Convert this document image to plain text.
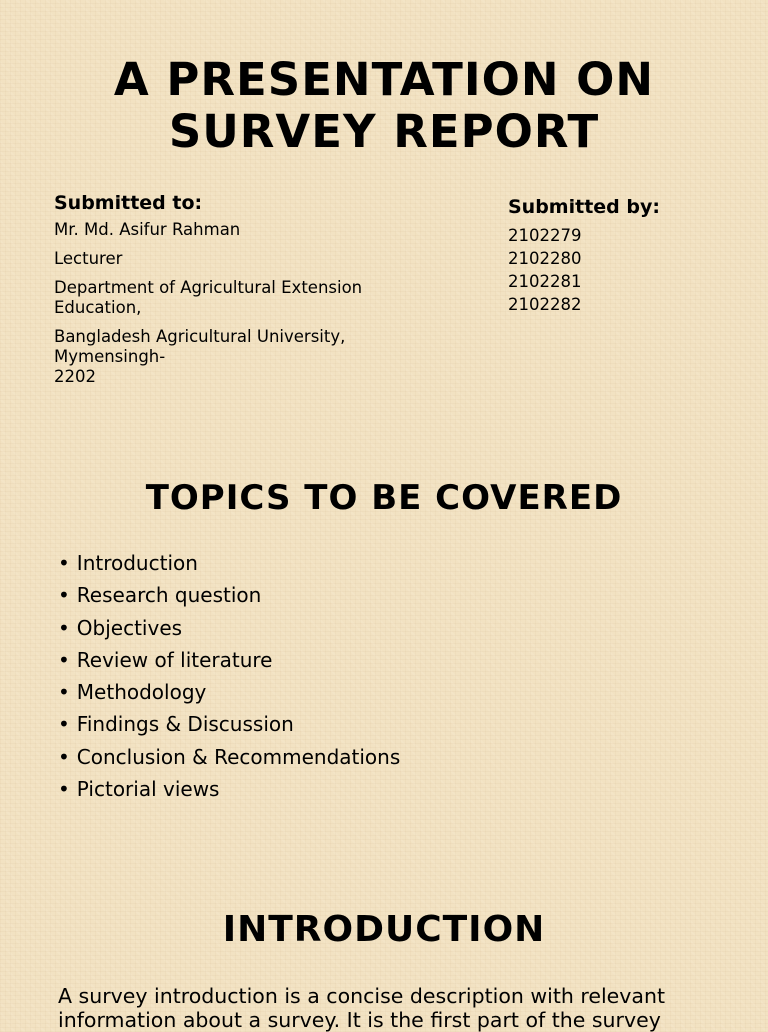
A PRESENTATION ON
SURVEY REPORT
Submitted to:
Mr. Md. Asifur Rahman
Lecturer
Department of Agricultural Extension Education,
Bangladesh Agricultural University, Mymensingh-
2202
Submitted by:
2102279
2102280
2102281
2102282
TOPICS TO BE COVERED
• Introduction
• Research question
• Objectives
• Review of literature
• Methodology
• Findings & Discussion
• Conclusion & Recommendations
• Pictorial views
INTRODUCTION

A survey introduction is a concise description with relevant information about a survey. It is the first part of the survey
